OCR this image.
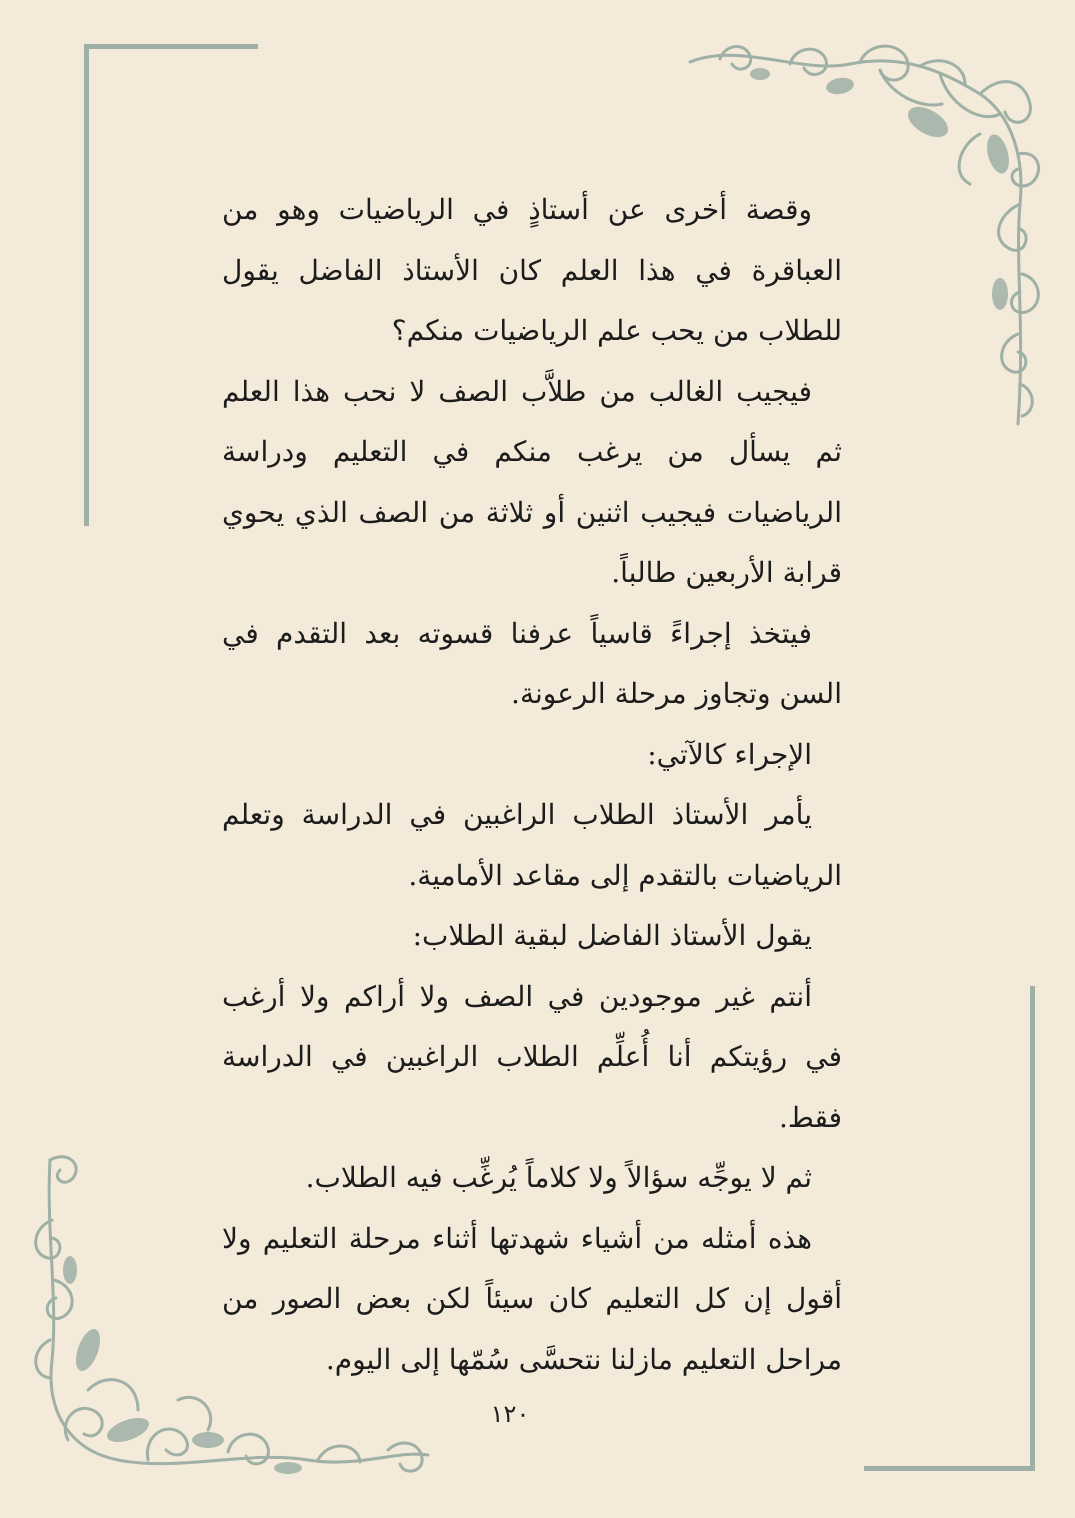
وقصة أخرى عن أستاذٍ في الرياضيات وهو من العباقرة في هذا العلم كان الأستاذ الفاضل يقول للطلاب من يحب علم الرياضيات منكم؟

فيجيب الغالب من طلاَّب الصف لا نحب هذا العلم ثم يسأل من يرغب منكم في التعليم ودراسة الرياضيات فيجيب اثنين أو ثلاثة من الصف الذي يحوي قرابة الأربعين طالباً.

فيتخذ إجراءً قاسياً عرفنا قسوته بعد التقدم في السن وتجاوز مرحلة الرعونة.

الإجراء كالآتي:

يأمر الأستاذ الطلاب الراغبين في الدراسة وتعلم الرياضيات بالتقدم إلى مقاعد الأمامية.

يقول الأستاذ الفاضل لبقية الطلاب:

أنتم غير موجودين في الصف ولا أراكم ولا أرغب في رؤيتكم أنا أُعلِّم الطلاب الراغبين في الدراسة فقط.

ثم لا يوجِّه سؤالاً ولا كلاماً يُرغِّب فيه الطلاب.

هذه أمثله من أشياء شهدتها أثناء مرحلة التعليم ولا أقول إن كل التعليم كان سيئاً لكن بعض الصور من مراحل التعليم مازلنا نتحسَّى سُمّها إلى اليوم.

١٢٠
